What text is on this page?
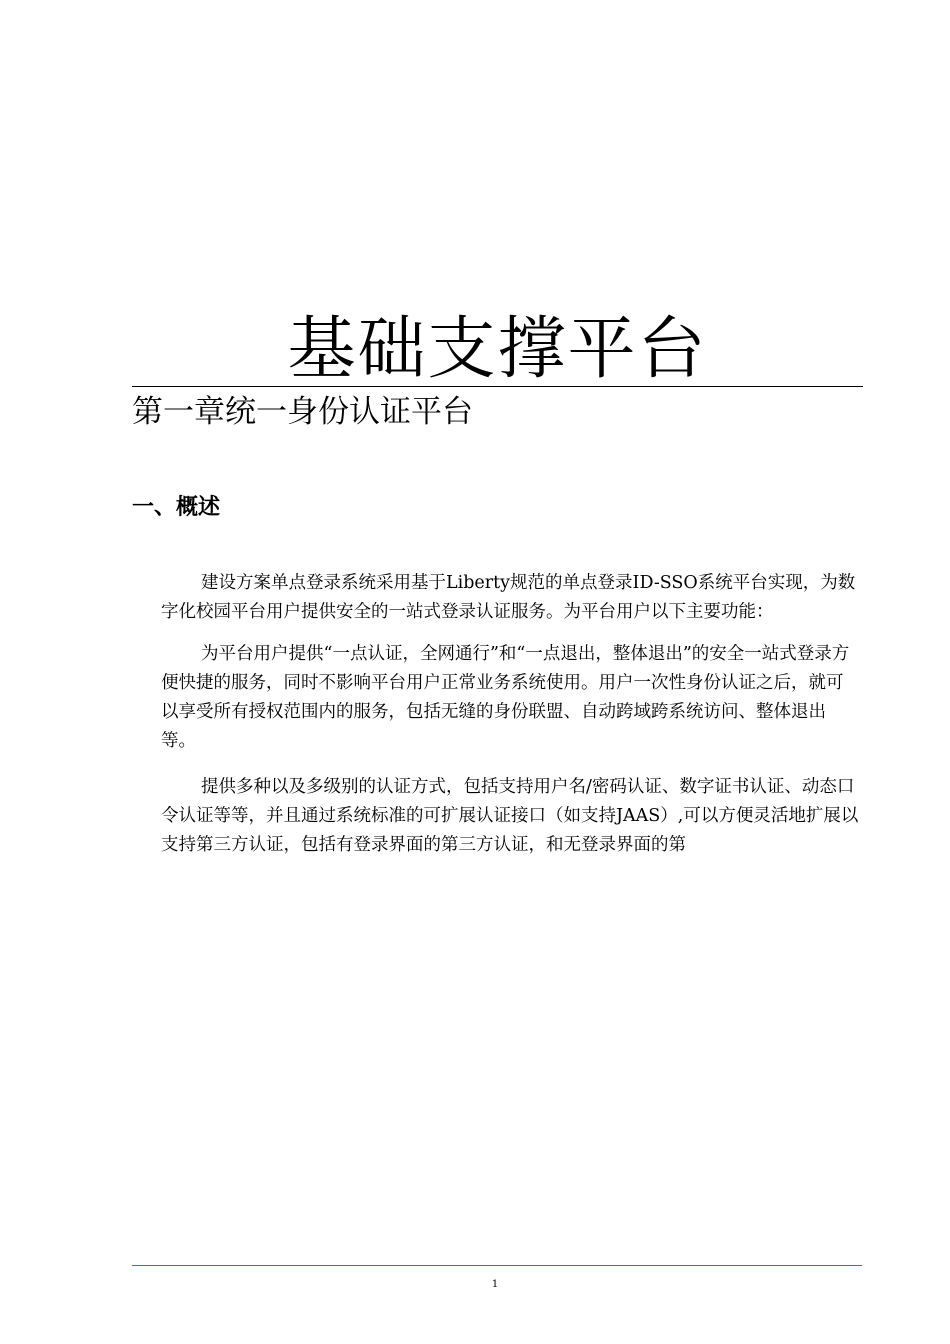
基础支撑平台
第一章统一身份认证平台
一、概述

建设方案单点登录系统采用基于Liberty规范的单点登录ID-SSO系统平台实现，为数字化校园平台用户提供安全的一站式登录认证服务。为平台用户以下主要功能：

为平台用户提供“一点认证，全网通行”和“一点退出，整体退出”的安全一站式登录方便快捷的服务，同时不影响平台用户正常业务系统使用。用户一次性身份认证之后，就可以享受所有授权范围内的服务，包括无缝的身份联盟、自动跨域跨系统访问、整体退出等。

提供多种以及多级别的认证方式，包括支持用户名/密码认证、数字证书认证、动态口令认证等等，并且通过系统标准的可扩展认证接口（如支持JAAS）,可以方便灵活地扩展以支持第三方认证，包括有登录界面的第三方认证，和无登录界面的第

1
